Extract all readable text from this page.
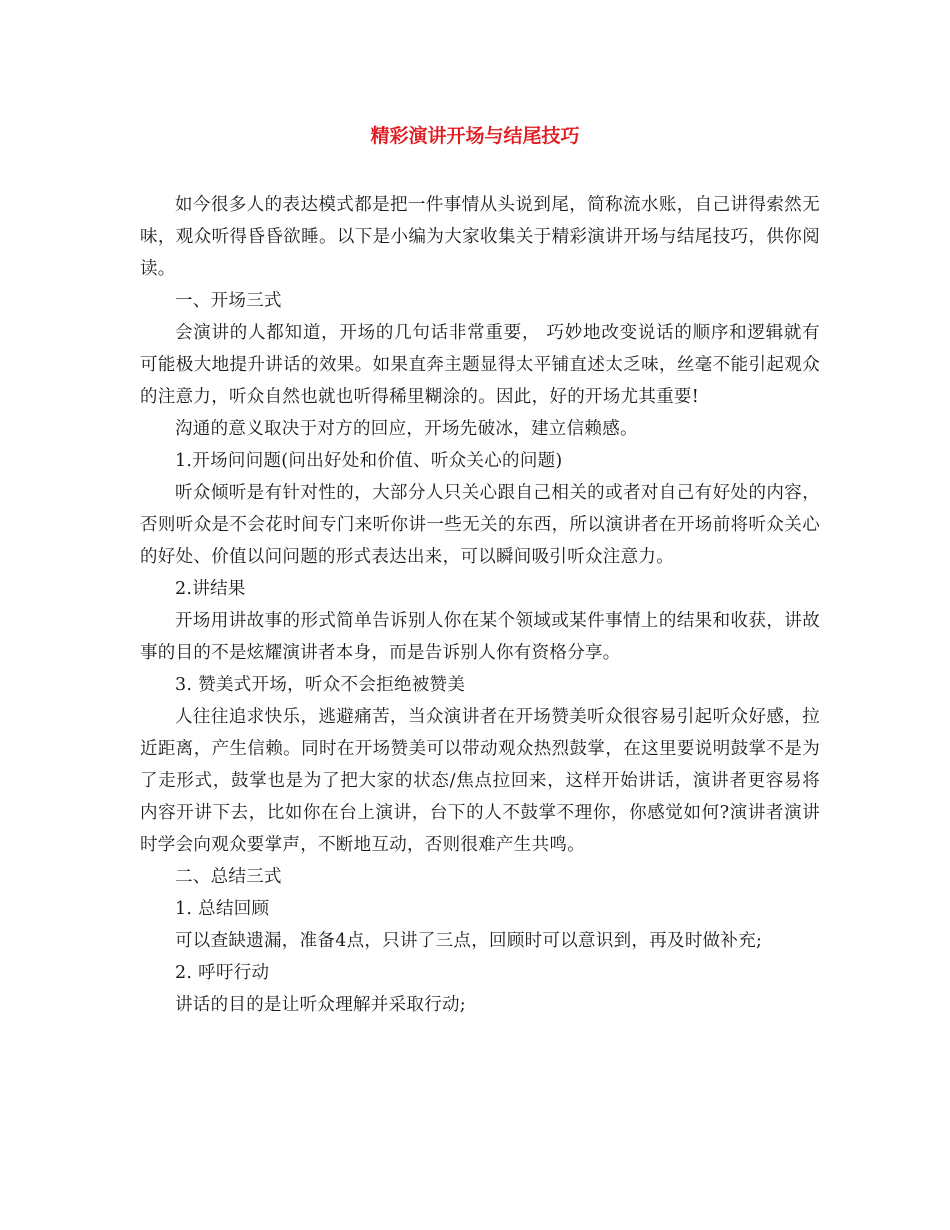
精彩演讲开场与结尾技巧

如今很多人的表达模式都是把一件事情从头说到尾，简称流水账，自己讲得索然无味，观众听得昏昏欲睡。以下是小编为大家收集关于精彩演讲开场与结尾技巧，供你阅读。

一、开场三式

会演讲的人都知道，开场的几句话非常重要， 巧妙地改变说话的顺序和逻辑就有可能极大地提升讲话的效果。如果直奔主题显得太平铺直述太乏味，丝毫不能引起观众的注意力，听众自然也就也听得稀里糊涂的。因此，好的开场尤其重要!

沟通的意义取决于对方的回应，开场先破冰，建立信赖感。

1.开场问问题(问出好处和价值、听众关心的问题)

听众倾听是有针对性的，大部分人只关心跟自己相关的或者对自己有好处的内容，否则听众是不会花时间专门来听你讲一些无关的东西，所以演讲者在开场前将听众关心的好处、价值以问问题的形式表达出来，可以瞬间吸引听众注意力。

2.讲结果

开场用讲故事的形式简单告诉别人你在某个领域或某件事情上的结果和收获，讲故事的目的不是炫耀演讲者本身，而是告诉别人你有资格分享。

3. 赞美式开场，听众不会拒绝被赞美

人往往追求快乐，逃避痛苦，当众演讲者在开场赞美听众很容易引起听众好感，拉近距离，产生信赖。同时在开场赞美可以带动观众热烈鼓掌，在这里要说明鼓掌不是为了走形式，鼓掌也是为了把大家的状态/焦点拉回来，这样开始讲话，演讲者更容易将内容开讲下去，比如你在台上演讲，台下的人不鼓掌不理你，你感觉如何?演讲者演讲时学会向观众要掌声，不断地互动，否则很难产生共鸣。

二、总结三式

1. 总结回顾

可以查缺遗漏，准备4点，只讲了三点，回顾时可以意识到，再及时做补充;

2. 呼吁行动

讲话的目的是让听众理解并采取行动;
